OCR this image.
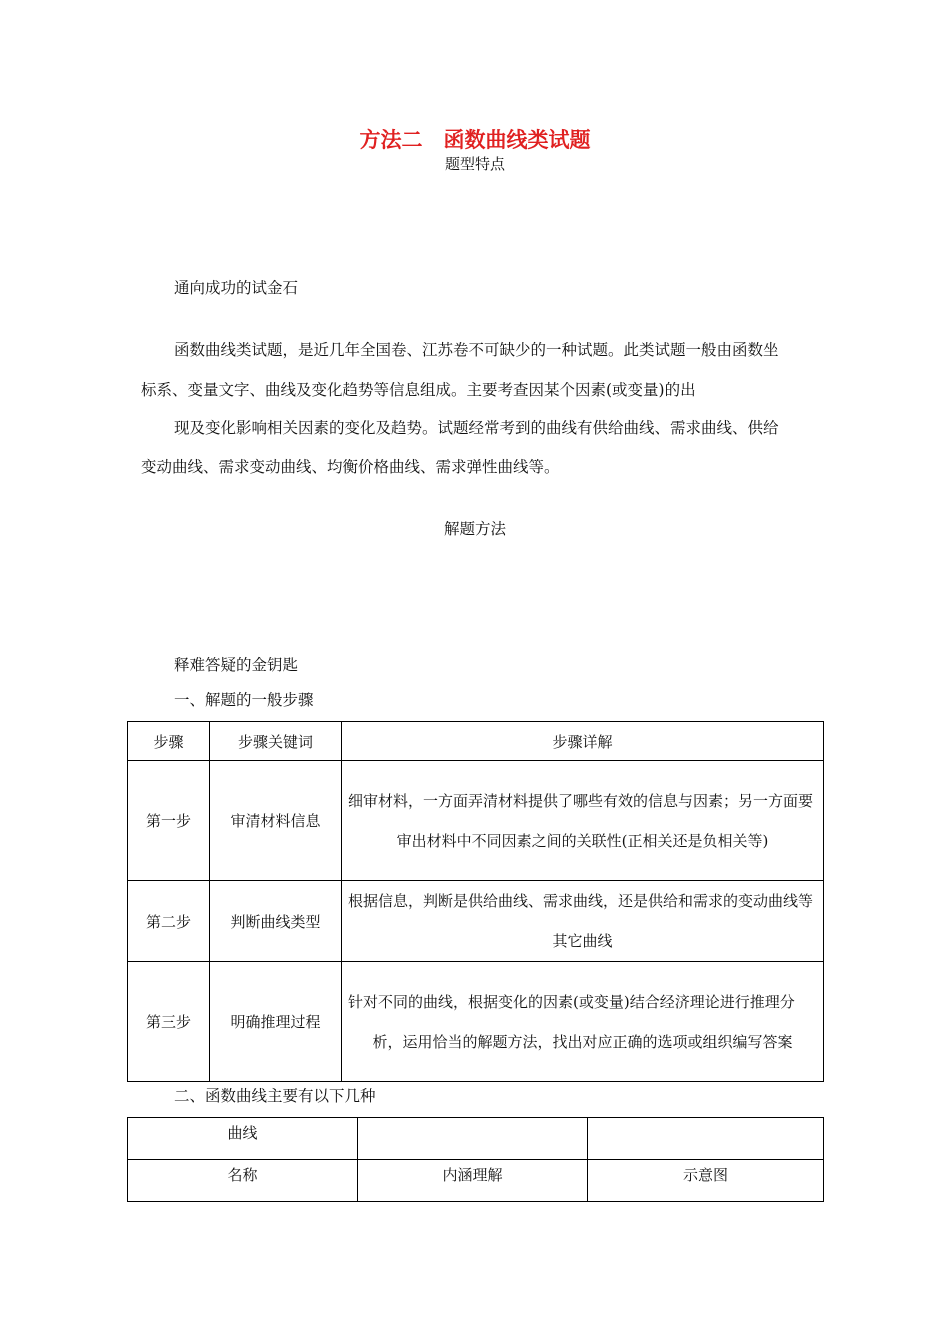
方法二　函数曲线类试题
题型特点
通向成功的试金石
函数曲线类试题，是近几年全国卷、江苏卷不可缺少的一种试题。此类试题一般由函数坐
标系、变量文字、曲线及变化趋势等信息组成。主要考查因某个因素(或变量)的出
现及变化影响相关因素的变化及趋势。试题经常考到的曲线有供给曲线、需求曲线、供给
变动曲线、需求变动曲线、均衡价格曲线、需求弹性曲线等。
解题方法
释难答疑的金钥匙
一、解题的一般步骤
步骤	步骤关键词	步骤详解
第一步	审清材料信息	细审材料，一方面弄清材料提供了哪些有效的信息与因素；另一方面要审出材料中不同因素之间的关联性(正相关还是负相关等)

第二步	判断曲线类型	根据信息，判断是供给曲线、需求曲线，还是供给和需求的变动曲线等其它曲线

第三步	明确推理过程	针对不同的曲线，根据变化的因素(或变量)结合经济理论进行推理分析，运用恰当的解题方法，找出对应正确的选项或组织编写答案

二、函数曲线主要有以下几种
曲线		
名称	内涵理解	示意图
